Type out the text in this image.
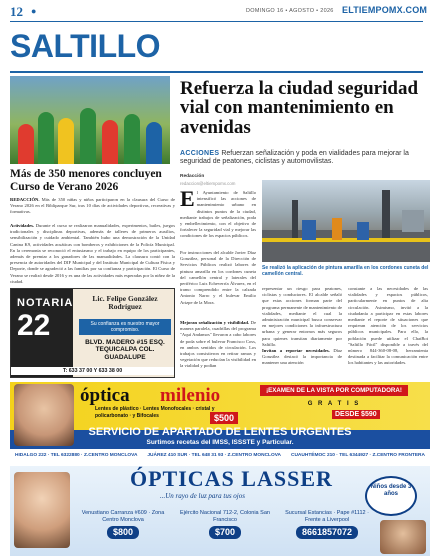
12 ●	DOMINGO 16 • AGOSTO • 2026 ELTIEMPOMX.COM
SALTILLO
Más de 350 menores concluyen Curso de Verano 2026
REDACCIÓN. Más de 350 niñas y niños participaron en la clausura del Curso de Verano 2026 en el Bibliparque Sur, tras 10 días de actividades deportivas, recreativas y formativas.
Actividades. Durante el curso se realizaron manualidades, experimentos, bailes, juegos tradicionales y disciplinas deportivas, además de talleres de primeros auxilios, sensibilización y cuidado ambiental. También hubo una demostración de la Unidad Canina K9, actividades acuáticas con bomberos y exhibiciones de la Policía Municipal. En la ceremonia se reconoció el entusiasmo y el trabajo en equipo de los participantes, además de premiar a los ganadores de las manualidades. La clausura contó con la presencia de autoridades del DIF Municipal y del Instituto Municipal de Cultura Física y Deporte, donde se agradeció a las familias por su confianza y participación. El Curso de Verano se realizó desde 2016 y es una de las actividades más esperadas por la niñez de la ciudad.
Refuerza la ciudad seguridad vial con mantenimiento en avenidas
ACCIONES Refuerzan señalización y poda en vialidades para mejorar la seguridad de peatones, ciclistas y automovilistas.
Redacción
redaccion@eltiempomx.com
E l Ayuntamiento de Saltillo intensificó las acciones de mantenimiento urbano en distintos puntos de la ciudad, mediante trabajos de señalización, poda y embellecimiento, con el objetivo de fortalecer la seguridad vial y mejorar las condiciones de los espacios públicos.
Por instrucciones del alcalde Javier Díaz González, personal de la Dirección de Servicios Públicos realizó labores de pintura amarilla en los cordones cuneta del camellón central y laterales del periférico Luis Echeverría Álvarez, en el tramo comprendido entre la calzada Antonio Narro y el bulevar Emilio Arizpe de la Mora.
Mejoran señalización y visibilidad. De manera paralela, cuadrillas del programa "Aquí Andamos" llevaron a cabo labores de poda sobre el bulevar Francisco Coss, en ambos sentidos de circulación. Los trabajos consistieron en retirar ramas y vegetación que reducían la visibilidad en la vialidad y podían
Se realizó la aplicación de pintura amarilla en los cordones cuneta del camellón central.
representar un riesgo para peatones, ciclistas y conductores. El alcalde señaló que estas acciones forman parte del programa permanente de mantenimiento de vialidades, mediante el cual la administración municipal busca conservar en mejores condiciones la infraestructura urbana y generar entornos más seguros para quienes transitan diariamente por Saltillo.
Invitan a reportar necesidades. Díaz González destacó la importancia de mantener una atención
constante a las necesidades de las vialidades y espacios públicos, particularmente en puntos de alta circulación. Asimismo, invitó a la ciudadanía a participar en estas labores mediante el reporte de situaciones que requieran atención de los servicios públicos municipales. Para ello, la población puede utilizar el ChatBot "Saltillo Fácil" disponible a través del número 844-360-08-08, herramienta destinada a facilitar la comunicación entre los habitantes y las autoridades.
NOTARIA
22
Lic. Felipe González Rodríguez
Su confianza es nuestro mayor compromiso.
BLVD. MADERO #15 ESQ. TEQUICALPA COL. GUADALUPE
T: 633 37 00 Y 633 38 00
óptica milenio	¡EXAMEN DE LA VISTA POR COMPUTADORA!
G R A T I S
Lentes de plástico · Lentes Monofocales · cristal y policarbonato · y Bifocales	$500	DESDE $590
SERVICIO DE APARTADO DE LENTES URGENTES
Surtimos recetas del IMSS, ISSSTE y Particular.
HIDALGO 222 · TEL 6322880 · Z.CENTRO MONCLOVA JUÁREZ 410 SUR · TEL 648 31 93 · Z.CENTRO MONCLOVA CUAUHTÉMOC 210 · TEL 6344927 · Z.CENTRO FRONTERA
ÓPTICAS LASSER
...Un rayo de luz para tus ojos
Niños desde 3 años
Venustiano Carranza #609 · Zona Centro Monclova
$800
Ejército Nacional 712-2, Colonia San Francisco
$700
Sucursal Estancias · Pape #1112 · Frente a Liverpool
8661857072
